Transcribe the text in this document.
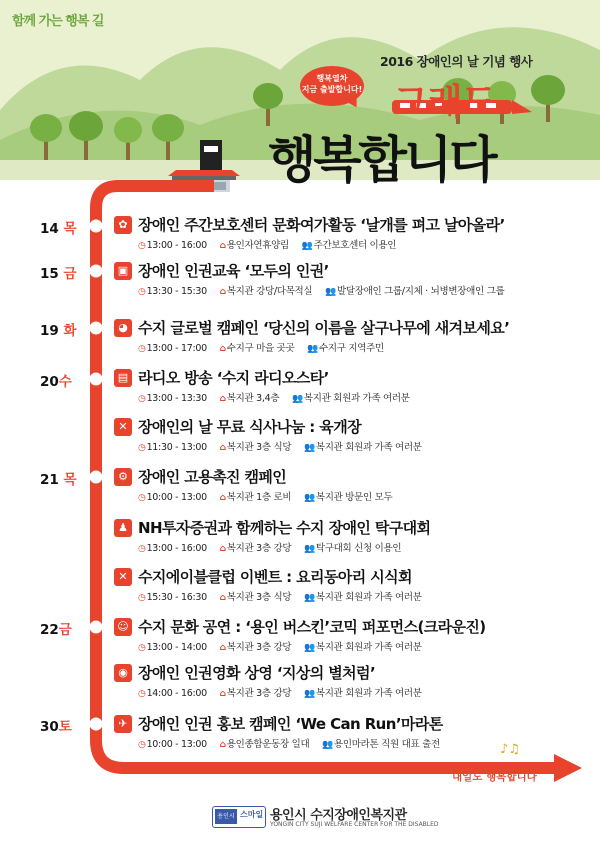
함께 가는 행복 길
2016 장애인의 날 기념 행사
행복열차
지금 출발합니다! 그래도
행복합니다
14 목
15 금
19 화
20수
21 목
22금
30토
✿ 장애인 주간보호센터 문화여가활동 ‘날개를 펴고 날아올라’
◷13:00 - 16:00 ⌂용인자연휴양림 👥주간보호센터 이용인
▣ 장애인 인권교육 ‘모두의 인권’
◷13:30 - 15:30 ⌂복지관 강당/다목적실 👥발달장애인 그룹/지체 · 뇌병변장애인 그룹
◕ 수지 글로벌 캠페인 ‘당신의 이름을 살구나무에 새겨보세요’
◷13:00 - 17:00 ⌂수지구 마을 곳곳 👥수지구 지역주민
▤ 라디오 방송 ‘수지 라디오스타’
◷13:00 - 13:30 ⌂복지관 3,4층 👥복지관 회원과 가족 여러분
✕ 장애인의 날 무료 식사나눔 : 육개장
◷11:30 - 13:00 ⌂복지관 3층 식당 👥복지관 회원과 가족 여러분
⚙ 장애인 고용촉진 캠페인
◷10:00 - 13:00 ⌂복지관 1층 로비 👥복지관 방문인 모두
♟ NH투자증권과 함께하는 수지 장애인 탁구대회
◷13:00 - 16:00 ⌂복지관 3층 강당 👥탁구대회 신청 이용인
✕ 수지에이블클럽 이벤트 : 요리동아리 시식회
◷15:30 - 16:30 ⌂복지관 3층 식당 👥복지관 회원과 가족 여러분
☺ 수지 문화 공연 : ‘용인 버스킨’코믹 퍼포먼스(크라운진)
◷13:00 - 14:00 ⌂복지관 3층 강당 👥복지관 회원과 가족 여러분
◉ 장애인 인권영화 상영 ‘지상의 별처럼’
◷14:00 - 16:00 ⌂복지관 3층 강당 👥복지관 회원과 가족 여러분
✈ 장애인 인권 홍보 캠페인 ‘We Can Run’마라톤
◷10:00 - 13:00 ⌂용인종합운동장 일대 👥용인마라톤 직원 대표 출전	♪♫
내일도 행복합니다
용인시 스마일 용인시 수지장애인복지관
YONGIN CITY SUJI WELFARE CENTER FOR THE DISABLED
